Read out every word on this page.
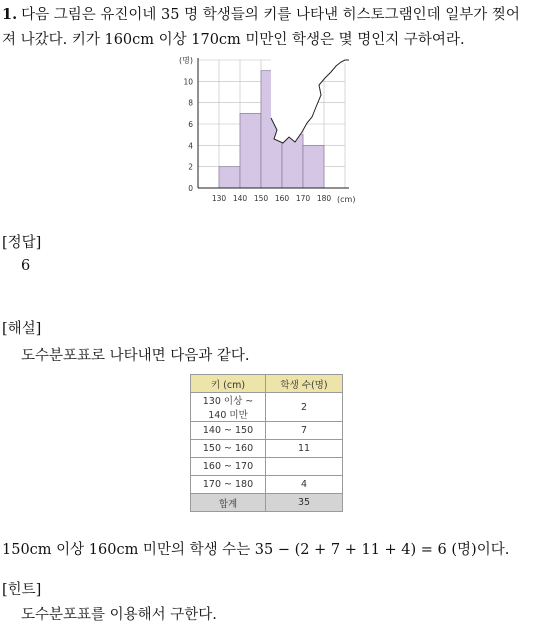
1. 다음 그림은 유진이네 35 명 학생들의 키를 나타낸 히스토그램인데 일부가 찢어져 나갔다. 키가 160cm 이상 170cm 미만인 학생은 몇 명인지 구하여라.
0
2
4
6
8
10
130 140 150 160 170 180
(명)
(cm)
[정답]
6
[해설]
도수분포표로 나타내면 다음과 같다.
키 (cm)	학생 수(명)
130 이상 ~ 140 미만	2
140 ~ 150	7
150 ~ 160	11
160 ~ 170	
170 ~ 180	4
합계	35
150cm 이상 160cm 미만의 학생 수는 35 − (2 + 7 + 11 + 4) = 6 (명)이다.
[힌트]
도수분포표를 이용해서 구한다.
